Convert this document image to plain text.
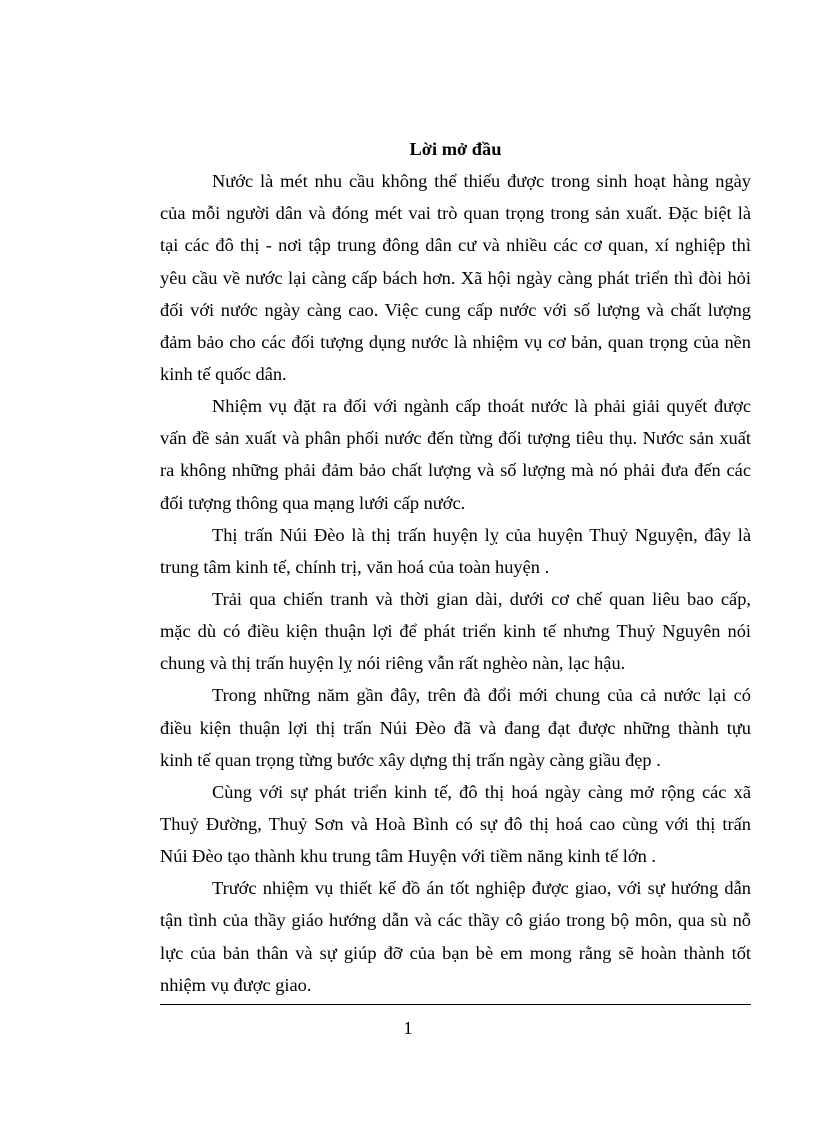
Lời mở đầu
Nước là mét nhu cầu không thể thiếu được trong sinh hoạt hàng ngày
của mỗi người dân và đóng mét vai trò quan trọng trong sản xuất. Đặc biệt là
tại các đô thị - nơi tập trung đông dân cư và nhiều các cơ quan, xí nghiệp thì
yêu cầu về nước lại càng cấp bách hơn. Xã hội ngày càng phát triển thì đòi hỏi
đối với nước ngày càng cao. Việc cung cấp nước với số lượng và chất lượng
đảm bảo cho các đối tượng dụng nước là nhiệm vụ cơ bản, quan trọng của nền
kinh tế quốc dân.
Nhiệm vụ đặt ra đối với ngành cấp thoát nước là phải giải quyết được
vấn đề sản xuất và phân phối nước đến từng đối tượng tiêu thụ. Nước sản xuất
ra không những phải đảm bảo chất lượng và số lượng mà nó phải đưa đến các
đối tượng thông qua mạng lưới cấp nước.
Thị trấn Núi Đèo là thị trấn huyện lỵ của huyện Thuỷ Nguyện, đây là
trung tâm kinh tế, chính trị, văn hoá của toàn huyện .
Trải qua chiến tranh và thời gian dài, dưới cơ chế quan liêu bao cấp,
mặc dù có điều kiện thuận lợi để phát triển kinh tế nhưng Thuỷ Nguyên nói
chung và thị trấn huyện lỵ nói riêng vẫn rất nghèo nàn, lạc hậu.
Trong những năm gần đây, trên đà đổi mới chung của cả nước lại có
điều kiện thuận lợi thị trấn Núi Đèo đã và đang đạt được những thành tựu
kinh tế quan trọng từng bước xây dựng thị trấn ngày càng giầu đẹp .
Cùng với sự phát triển kinh tế, đô thị hoá ngày càng mở rộng các xã
Thuỷ Đường, Thuỷ Sơn và Hoà Bình có sự đô thị hoá cao cùng với thị trấn
Núi Đèo tạo thành khu trung tâm Huyện với tiềm năng kinh tế lớn .
Trước nhiệm vụ thiết kế đồ án tốt nghiệp được giao, với sự hướng dẫn
tận tình của thầy giáo hướng dẫn và các thầy cô giáo trong bộ môn, qua sù nỗ
lực của bản thân và sự giúp đỡ của bạn bè em mong rằng sẽ hoàn thành tốt
nhiệm vụ được giao.
1
